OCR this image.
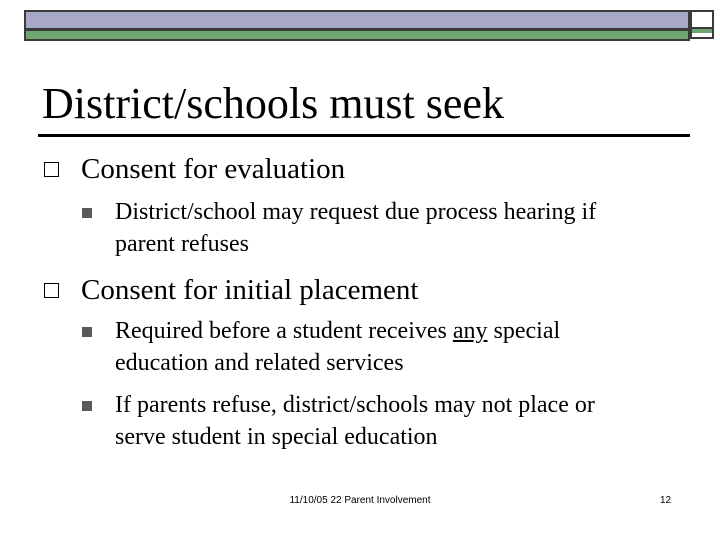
District/schools must seek
Consent for evaluation
District/school may request due process hearing if
parent refuses
Consent for initial placement
Required before a student receives any special
education and related services
If parents refuse, district/schools may not place or
serve student in special education
11/10/05 22 Parent Involvement	12
